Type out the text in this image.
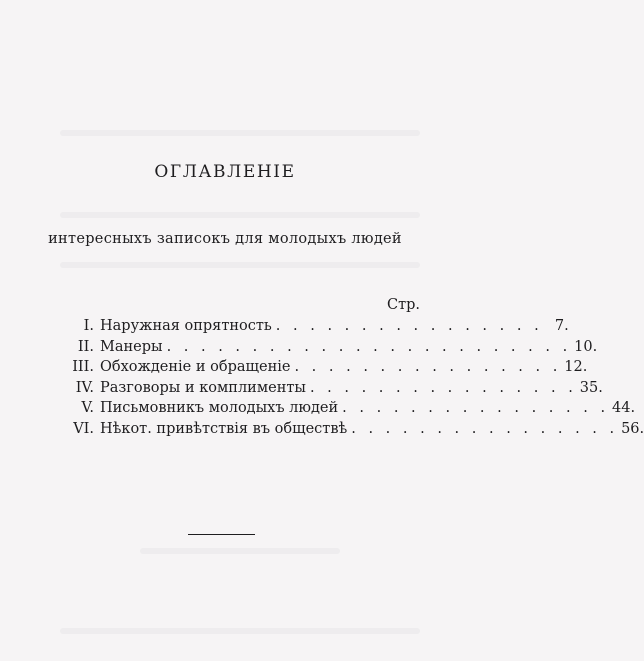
ОГЛАВЛЕНІЕ
интересныхъ записокъ для молодыхъ людей
Стр.
I. Наружная опрятность . . . . . . . . . . . . . . . . 7.
II. Манеры . . . . . . . . . . . . . . . . . . . . . . . . 10.
III. Обхожденіе и обращеніе . . . . . . . . . . . . . . . . 12.
IV. Разговоры и комплименты . . . . . . . . . . . . . . . . 35.
V. Письмовникъ молодыхъ людей . . . . . . . . . . . . . . . . 44.
VI. Нѣкот. привѣтствія въ обществѣ . . . . . . . . . . . . . . . . 56.
